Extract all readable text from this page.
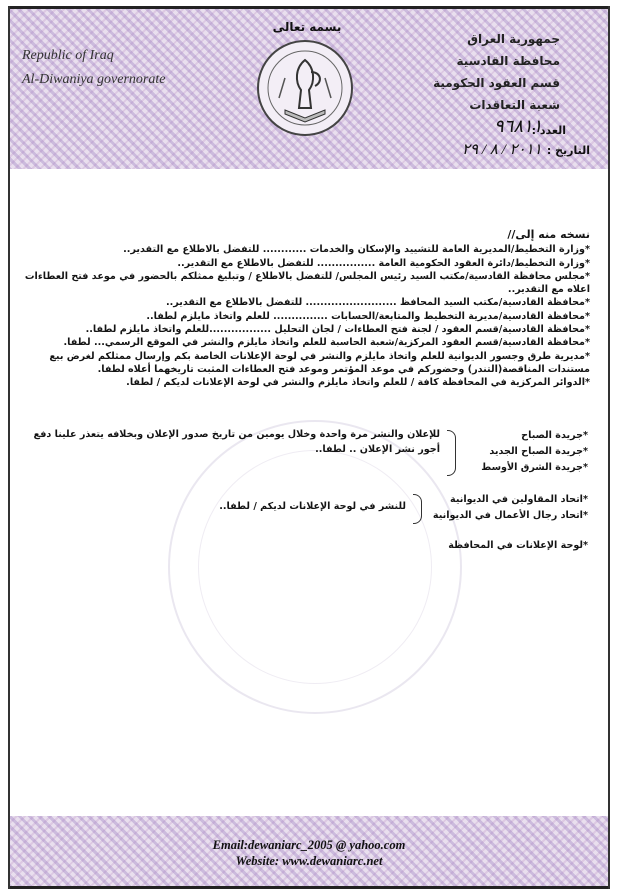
Republic of Iraq
Al-Diwaniya governorate
جمهورية العراق
محافظة القادسية
قسم العقود الحكومية
شعبة التعاقدات
بسمه تعالى
العدد :
٩٦٨١١
التاريخ :
٢٠١١ / ٨ / ٢٩

نسخه منه إلى//

*وزارة التخطيط/المديرية العامة للتشييد والإسكان والخدمات ............ للتفضل بالاطلاع مع التقدير..

*وزارة التخطيط/دائرة العقود الحكومية العامة ................ للتفضل بالاطلاع مع التقدير..

*مجلس محافظة القادسية/مكتب السيد رئيس المجلس/ للتفضل بالاطلاع / وتبليغ ممثلكم بالحضور في موعد فتح العطاءات اعلاه مع التقدير..

*محافظة القادسية/مكتب السيد المحافظ ......................... للتفضل بالاطلاع مع التقدير..

*محافظة القادسية/مديرية التخطيط والمتابعة/الحسابات ............... للعلم واتخاذ مايلزم لطفا..

*محافظة القادسية/قسم العقود / لجنة فتح العطاءات / لجان التحليل .................للعلم واتخاذ مايلزم لطفا..

*محافظة القادسية/قسم العقود المركزية/شعبة الحاسبة للعلم واتخاذ مايلزم والنشر في الموقع الرسمي... لطفا.

*مديرية طرق وجسور الديوانية للعلم واتخاذ مايلزم والنشر في لوحة الإعلانات الخاصة بكم وإرسال ممثلكم لغرض بيع مستندات المناقصة(التندر) وحضوركم في موعد المؤتمر وموعد فتح العطاءات المثبت تاريخهما أعلاه لطفا.

*الدوائر المركزية في المحافظة كافة / للعلم واتخاذ مايلزم والنشر في لوحة الإعلانات لديكم / لطفا.

*جريدة الصباح
*جريدة الصباح الجديد
*جريدة الشرق الأوسط
للإعلان والنشر مرة واحدة وخلال يومين من تاريخ صدور الإعلان وبخلافه يتعذر علينا دفع
أجور نشر الإعلان .. لطفا..
*اتحاد المقاولين في الديوانية
*اتحاد رجال الأعمال في الديوانية
للنشر في لوحة الإعلانات لديكم / لطفا..
*لوحة الإعلانات في المحافظة
Email:dewaniarc_2005 @ yahoo.com
Website: www.dewaniarc.net
